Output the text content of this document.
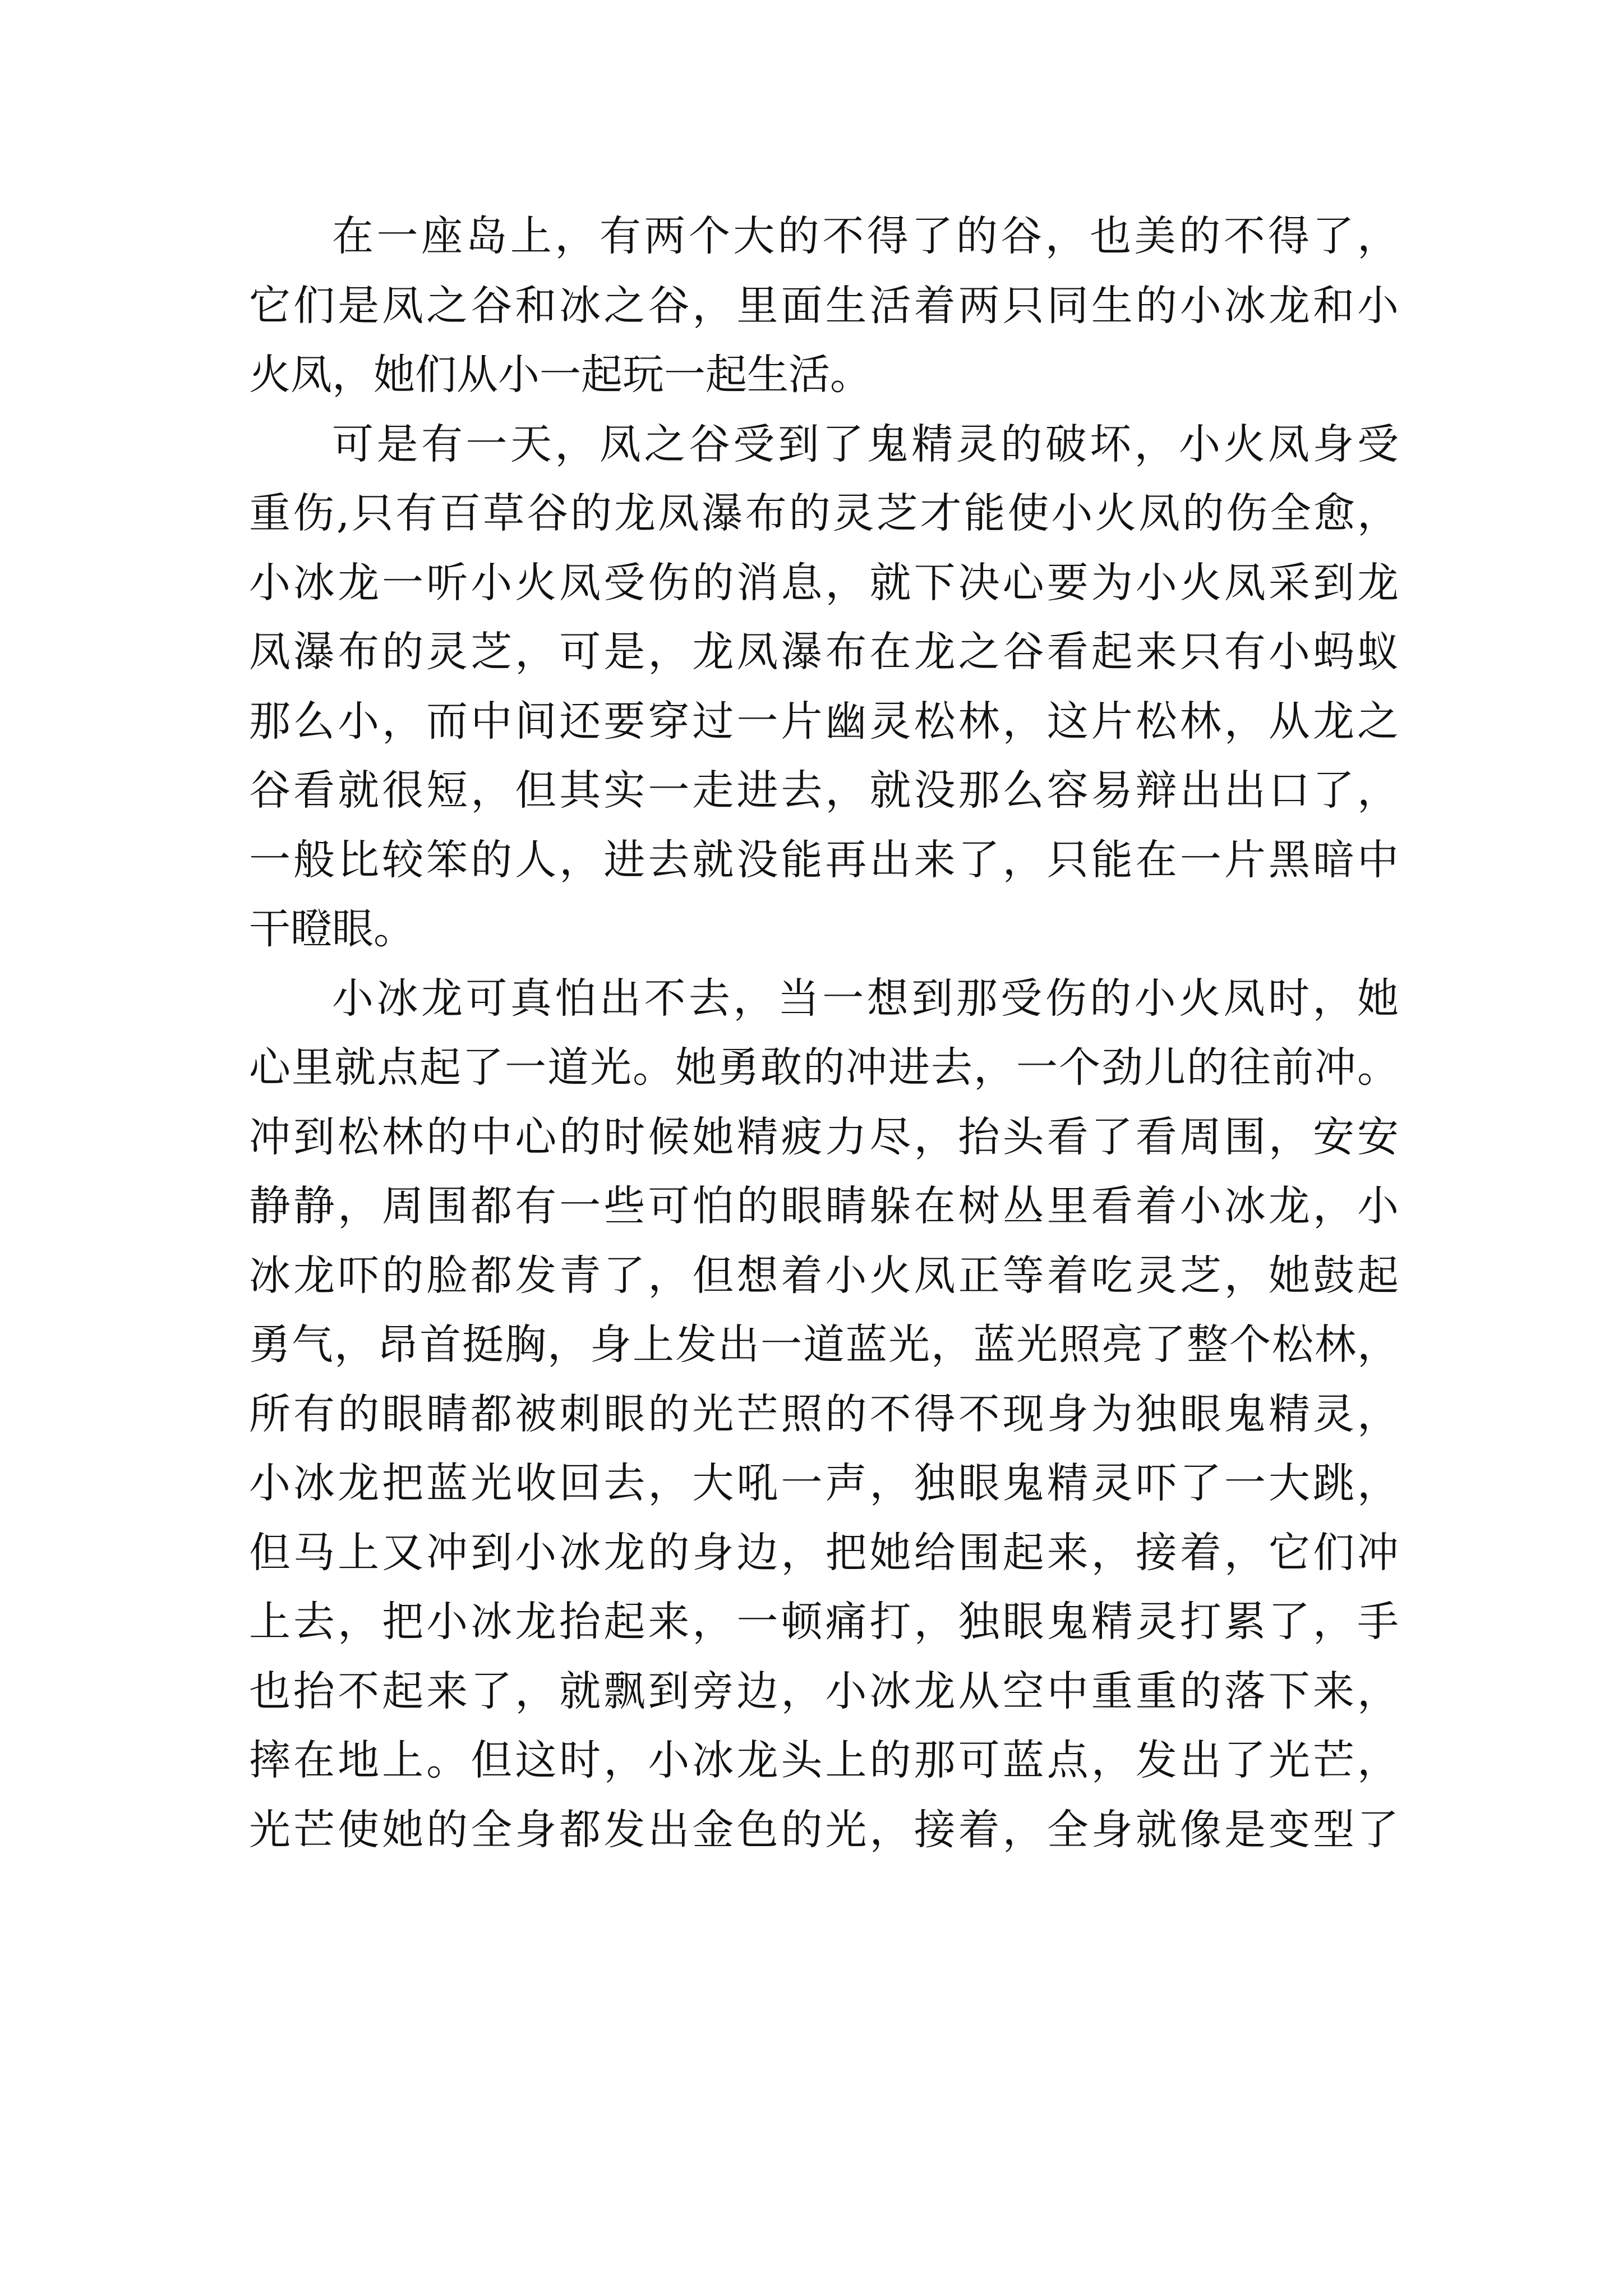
在一座岛上，有两个大的不得了的谷，也美的不得了，
它们是凤之谷和冰之谷，里面生活着两只同生的小冰龙和小
火凤，她们从小一起玩一起生活。
可是有一天，凤之谷受到了鬼精灵的破坏，小火凤身受
重伤,只有百草谷的龙凤瀑布的灵芝才能使小火凤的伤全愈，
小冰龙一听小火凤受伤的消息，就下决心要为小火凤采到龙
凤瀑布的灵芝，可是，龙凤瀑布在龙之谷看起来只有小蚂蚁
那么小，而中间还要穿过一片幽灵松林，这片松林，从龙之
谷看就很短，但其实一走进去，就没那么容易辩出出口了，
一般比较笨的人，进去就没能再出来了，只能在一片黑暗中
干瞪眼。
小冰龙可真怕出不去，当一想到那受伤的小火凤时，她
心里就点起了一道光。她勇敢的冲进去，一个劲儿的往前冲。
冲到松林的中心的时候她精疲力尽，抬头看了看周围，安安
静静，周围都有一些可怕的眼睛躲在树丛里看着小冰龙，小
冰龙吓的脸都发青了，但想着小火凤正等着吃灵芝，她鼓起
勇气，昂首挺胸，身上发出一道蓝光，蓝光照亮了整个松林，
所有的眼睛都被刺眼的光芒照的不得不现身为独眼鬼精灵，
小冰龙把蓝光收回去，大吼一声，独眼鬼精灵吓了一大跳，
但马上又冲到小冰龙的身边，把她给围起来，接着，它们冲
上去，把小冰龙抬起来，一顿痛打，独眼鬼精灵打累了，手
也抬不起来了，就飘到旁边，小冰龙从空中重重的落下来，
摔在地上。但这时，小冰龙头上的那可蓝点，发出了光芒，
光芒使她的全身都发出金色的光，接着，全身就像是变型了
